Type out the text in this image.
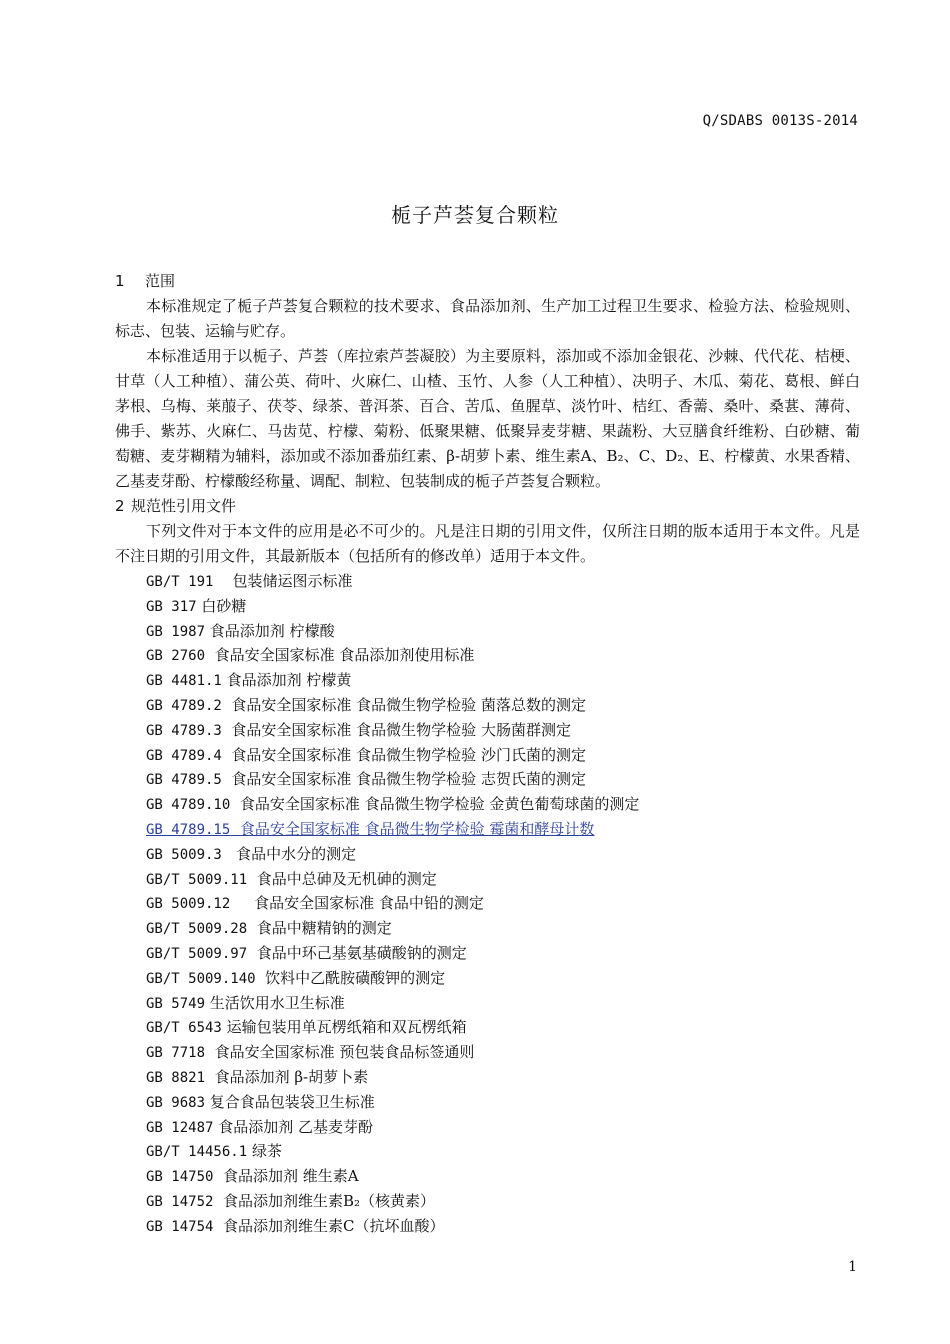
Q/SDABS 0013S-2014
栀子芦荟复合颗粒
1 范围

本标准规定了栀子芦荟复合颗粒的技术要求、食品添加剂、生产加工过程卫生要求、检验方法、检验规则、标志、包装、运输与贮存。

本标准适用于以栀子、芦荟（库拉索芦荟凝胶）为主要原料，添加或不添加金银花、沙棘、代代花、桔梗、甘草（人工种植）、蒲公英、荷叶、火麻仁、山楂、玉竹、人参（人工种植）、决明子、木瓜、菊花、葛根、鲜白茅根、乌梅、莱菔子、茯苓、绿茶、普洱茶、百合、苦瓜、鱼腥草、淡竹叶、桔红、香薷、桑叶、桑葚、薄荷、佛手、紫苏、火麻仁、马齿苋、柠檬、菊粉、低聚果糖、低聚异麦芽糖、果蔬粉、大豆膳食纤维粉、白砂糖、葡萄糖、麦芽糊精为辅料，添加或不添加番茄红素、β-胡萝卜素、维生素A、B₂、C、D₂、E、柠檬黄、水果香精、乙基麦芽酚、柠檬酸经称量、调配、制粒、包装制成的栀子芦荟复合颗粒。

2 规范性引用文件

下列文件对于本文件的应用是必不可少的。凡是注日期的引用文件，仅所注日期的版本适用于本文件。凡是不注日期的引用文件，其最新版本（包括所有的修改单）适用于本文件。

GB/T 191 包装储运图示标准
GB 317 白砂糖
GB 1987 食品添加剂 柠檬酸
GB 2760 食品安全国家标准 食品添加剂使用标准
GB 4481.1 食品添加剂 柠檬黄
GB 4789.2 食品安全国家标准 食品微生物学检验 菌落总数的测定
GB 4789.3 食品安全国家标准 食品微生物学检验 大肠菌群测定
GB 4789.4 食品安全国家标准 食品微生物学检验 沙门氏菌的测定
GB 4789.5 食品安全国家标准 食品微生物学检验 志贺氏菌的测定
GB 4789.10 食品安全国家标准 食品微生物学检验 金黄色葡萄球菌的测定
GB 4789.15 食品安全国家标准 食品微生物学检验 霉菌和酵母计数
GB 5009.3 食品中水分的测定
GB/T 5009.11 食品中总砷及无机砷的测定
GB 5009.12 食品安全国家标准 食品中铅的测定
GB/T 5009.28 食品中糖精钠的测定
GB/T 5009.97 食品中环己基氨基磺酸钠的测定
GB/T 5009.140 饮料中乙酰胺磺酸钾的测定
GB 5749 生活饮用水卫生标准
GB/T 6543 运输包装用单瓦楞纸箱和双瓦楞纸箱
GB 7718 食品安全国家标准 预包装食品标签通则
GB 8821 食品添加剂 β-胡萝卜素
GB 9683 复合食品包装袋卫生标准
GB 12487 食品添加剂 乙基麦芽酚
GB/T 14456.1 绿茶
GB 14750 食品添加剂 维生素A
GB 14752 食品添加剂维生素B₂（核黄素）
GB 14754 食品添加剂维生素C（抗坏血酸）
1
